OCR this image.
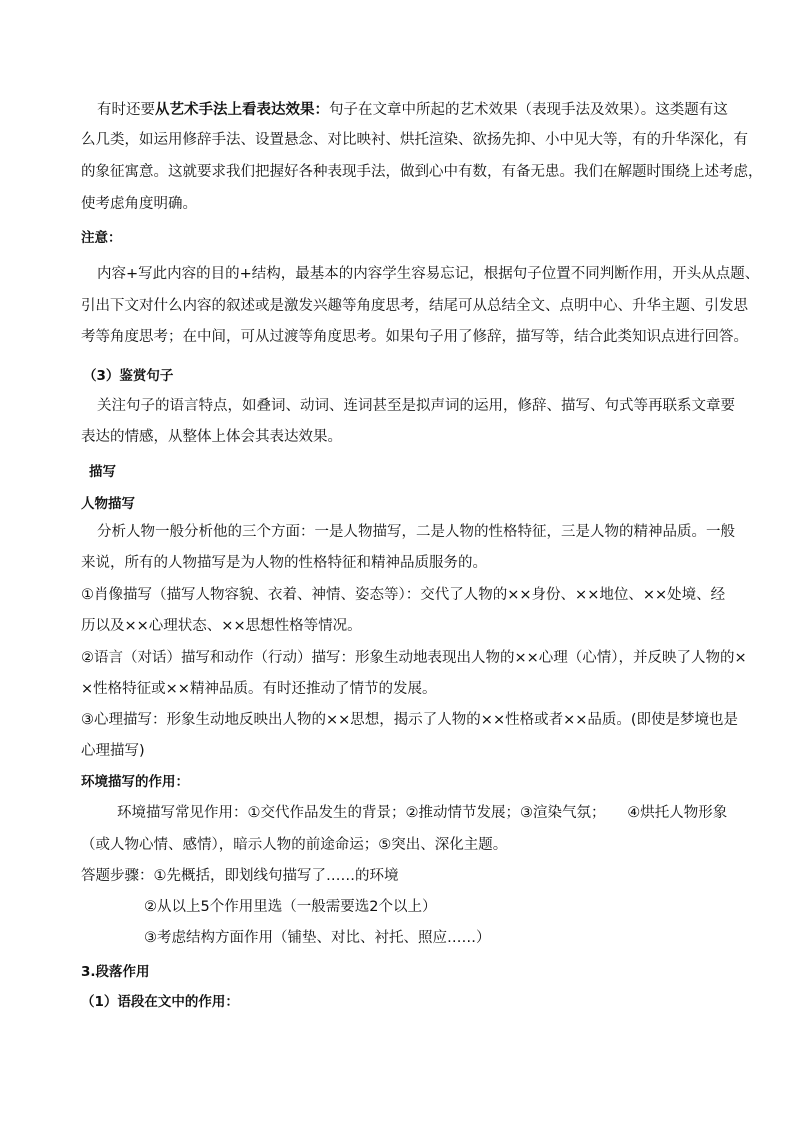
有时还要从艺术手法上看表达效果：句子在文章中所起的艺术效果（表现手法及效果）。这类题有这
么几类，如运用修辞手法、设置悬念、对比映衬、烘托渲染、欲扬先抑、小中见大等，有的升华深化，有
的象征寓意。这就要求我们把握好各种表现手法，做到心中有数，有备无患。我们在解题时围绕上述考虑，
使考虑角度明确。
注意：
内容+写此内容的目的+结构，最基本的内容学生容易忘记，根据句子位置不同判断作用，开头从点题、
引出下文对什么内容的叙述或是激发兴趣等角度思考，结尾可从总结全文、点明中心、升华主题、引发思
考等角度思考；在中间，可从过渡等角度思考。如果句子用了修辞，描写等，结合此类知识点进行回答。
（3）鉴赏句子
关注句子的语言特点，如叠词、动词、连词甚至是拟声词的运用，修辞、描写、句式等再联系文章要
表达的情感，从整体上体会其表达效果。
描写
人物描写
分析人物一般分析他的三个方面：一是人物描写，二是人物的性格特征，三是人物的精神品质。一般
来说，所有的人物描写是为人物的性格特征和精神品质服务的。
①肖像描写（描写人物容貌、衣着、神情、姿态等）：交代了人物的××身份、××地位、××处境、经
历以及××心理状态、××思想性格等情况。
②语言（对话）描写和动作（行动）描写：形象生动地表现出人物的××心理（心情），并反映了人物的×
×性格特征或××精神品质。有时还推动了情节的发展。
③心理描写：形象生动地反映出人物的××思想，揭示了人物的××性格或者××品质。(即使是梦境也是
心理描写)
环境描写的作用：
环境描写常见作用：①交代作品发生的背景；②推动情节发展；③渲染气氛；　　④烘托人物形象
（或人物心情、感情），暗示人物的前途命运；⑤突出、深化主题。
答题步骤：①先概括，即划线句描写了……的环境
②从以上5个作用里选（一般需要选2个以上）
③考虑结构方面作用（铺垫、对比、衬托、照应……）
3.段落作用
（1）语段在文中的作用：
